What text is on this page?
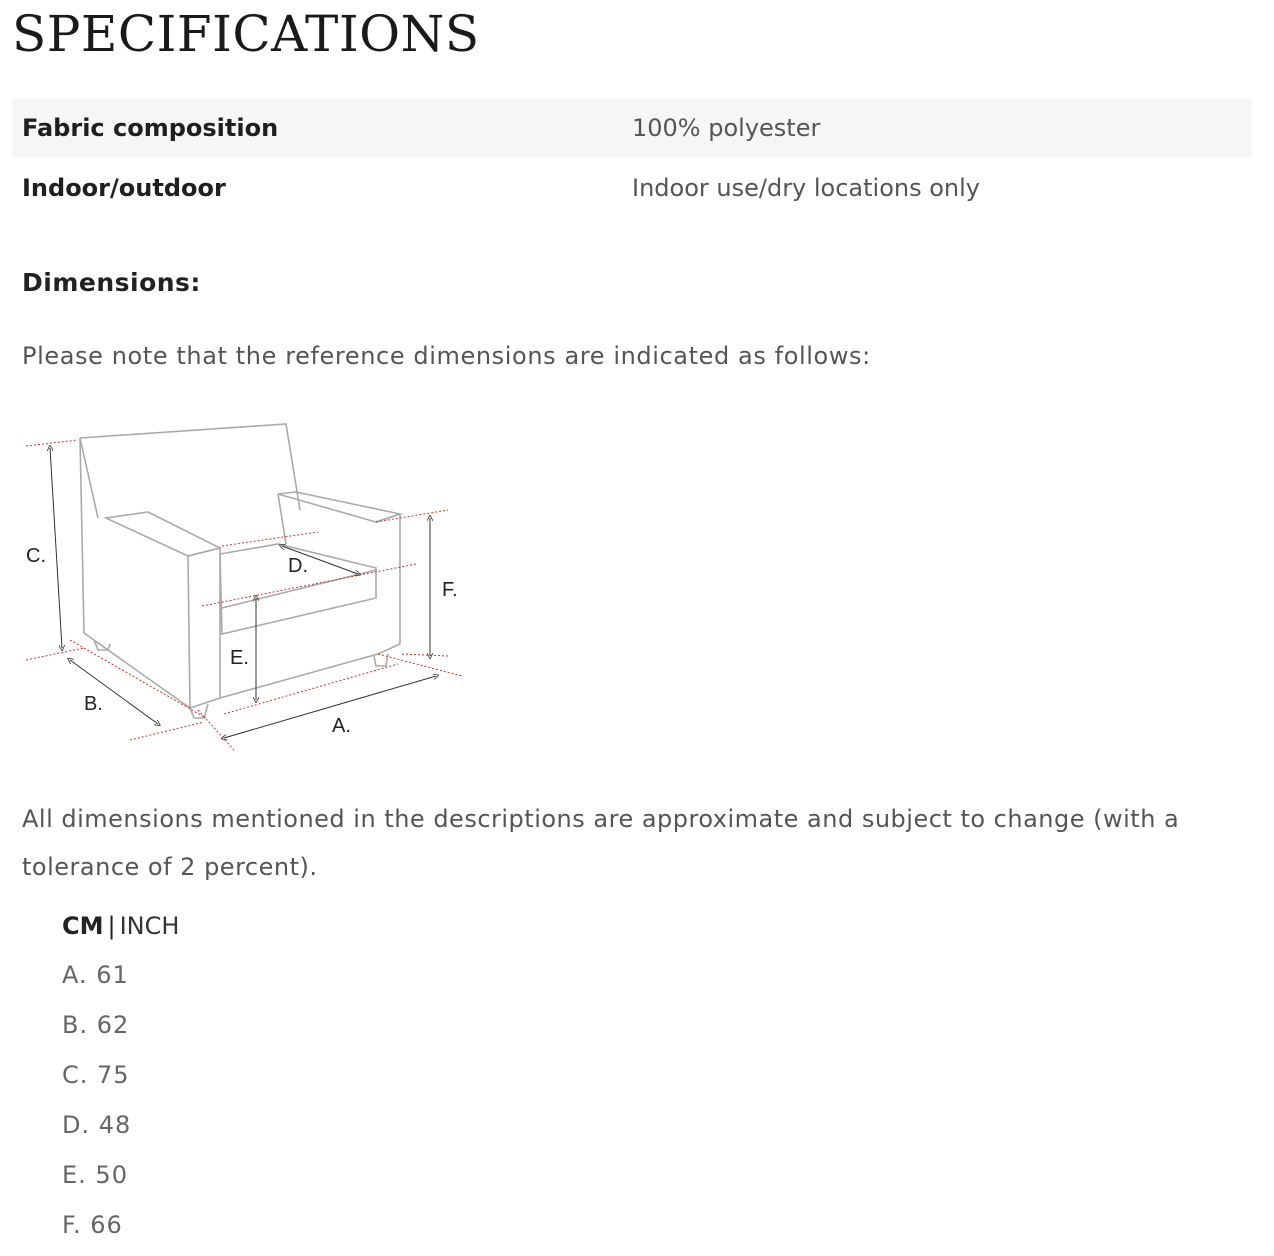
SPECIFICATIONS
Fabric composition	100% polyester
Indoor/outdoor	Indoor use/dry locations only
Dimensions:

Please note that the reference dimensions are indicated as follows:

C.
B.
A.
D.
E.
F.

All dimensions mentioned in the descriptions are approximate and subject to change (with a tolerance of 2 percent).

CM | INCH
A. 61
B. 62
C. 75
D. 48
E. 50
F. 66
